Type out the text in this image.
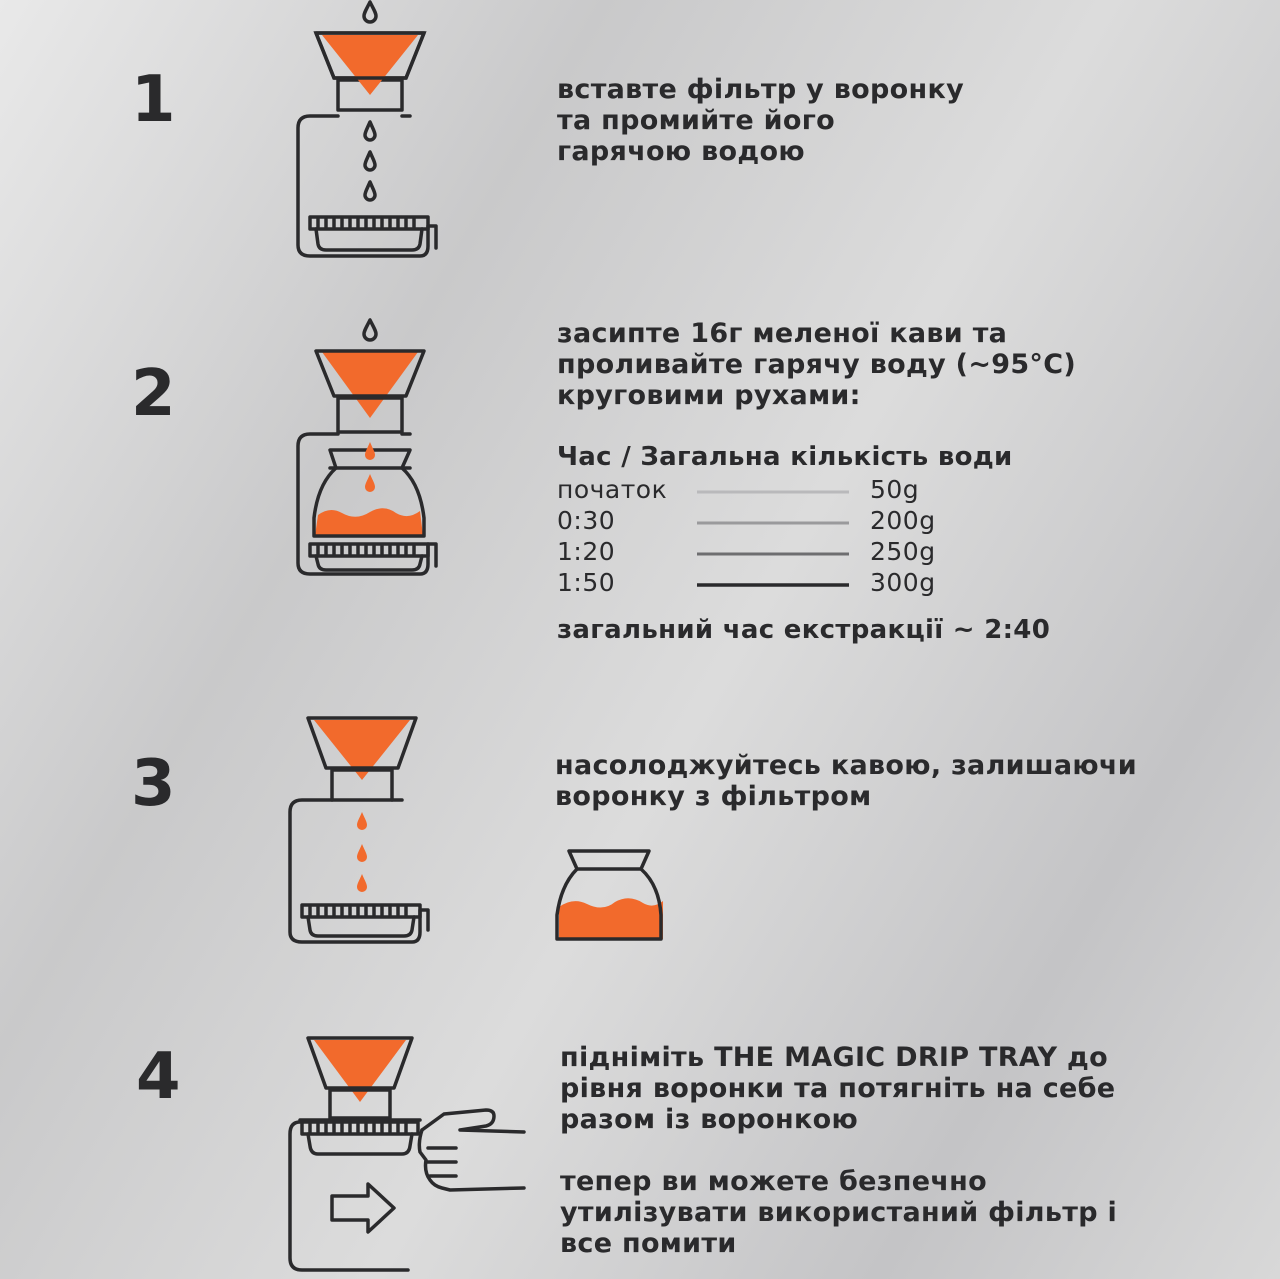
1	вставте фільтр у воронку
та промийте його
гарячою водою
2
засипте 16г меленої кави та
проливайте гарячу воду (~95°C)
круговими рухами:
Час / Загальна кількість води
початок	50g
0:30	200g
1:20	250g
1:50	300g
загальний час екстракції ~ 2:40
3	насолоджуйтесь кавою, залишаючи
воронку з фільтром
4	підніміть THE MAGIC DRIP TRAY до
рівня воронки та потягніть на себе
разом із воронкою
тепер ви можете безпечно
утилізувати використаний фільтр і
все помити
